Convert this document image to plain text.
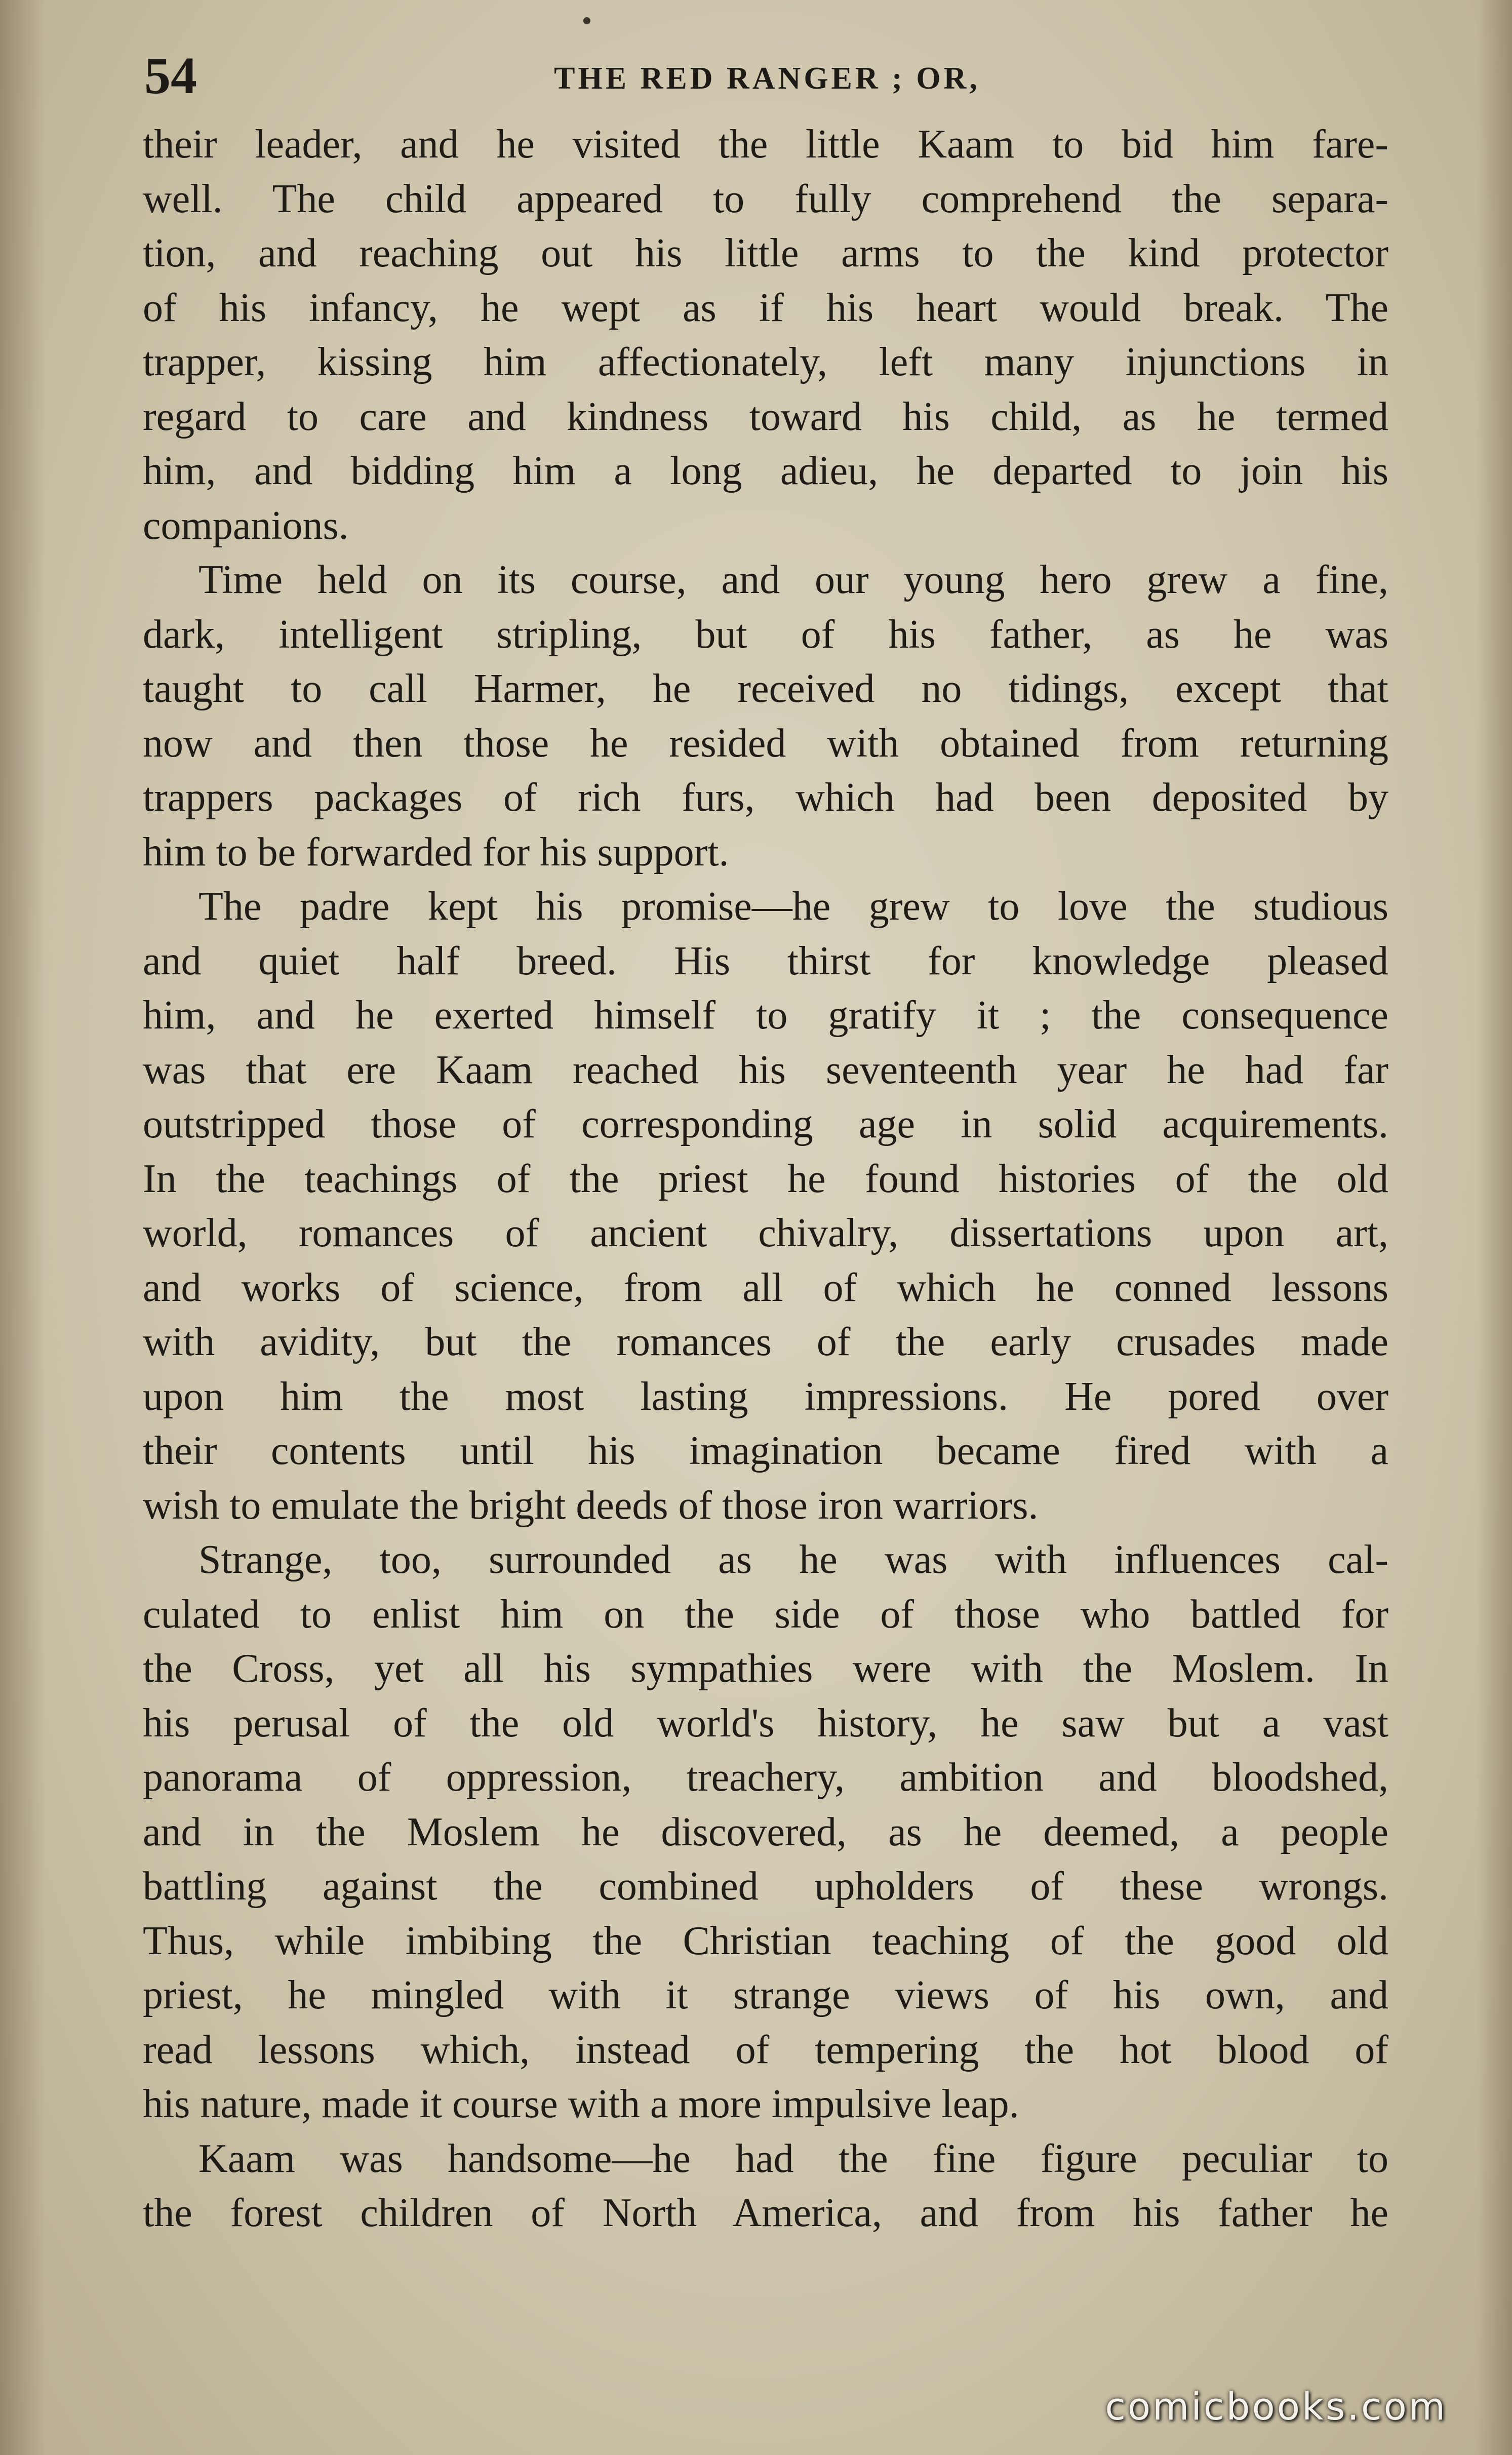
54	THE RED RANGER ; OR,
their leader, and he visited the little Kaam to bid him fare-
well. The child appeared to fully comprehend the separa-
tion, and reaching out his little arms to the kind protector
of his infancy, he wept as if his heart would break. The
trapper, kissing him affectionately, left many injunctions in
regard to care and kindness toward his child, as he termed
him, and bidding him a long adieu, he departed to join his
companions.
Time held on its course, and our young hero grew a fine,
dark, intelligent stripling, but of his father, as he was
taught to call Harmer, he received no tidings, except that
now and then those he resided with obtained from returning
trappers packages of rich furs, which had been deposited by
him to be forwarded for his support.
The padre kept his promise—he grew to love the studious
and quiet half breed. His thirst for knowledge pleased
him, and he exerted himself to gratify it ; the consequence
was that ere Kaam reached his seventeenth year he had far
outstripped those of corresponding age in solid acquirements.
In the teachings of the priest he found histories of the old
world, romances of ancient chivalry, dissertations upon art,
and works of science, from all of which he conned lessons
with avidity, but the romances of the early crusades made
upon him the most lasting impressions. He pored over
their contents until his imagination became fired with a
wish to emulate the bright deeds of those iron warriors.
Strange, too, surrounded as he was with influences cal-
culated to enlist him on the side of those who battled for
the Cross, yet all his sympathies were with the Moslem. In
his perusal of the old world's history, he saw but a vast
panorama of oppression, treachery, ambition and bloodshed,
and in the Moslem he discovered, as he deemed, a people
battling against the combined upholders of these wrongs.
Thus, while imbibing the Christian teaching of the good old
priest, he mingled with it strange views of his own, and
read lessons which, instead of tempering the hot blood of
his nature, made it course with a more impulsive leap.
Kaam was handsome—he had the fine figure peculiar to
the forest children of North America, and from his father he
comicbooks.com
